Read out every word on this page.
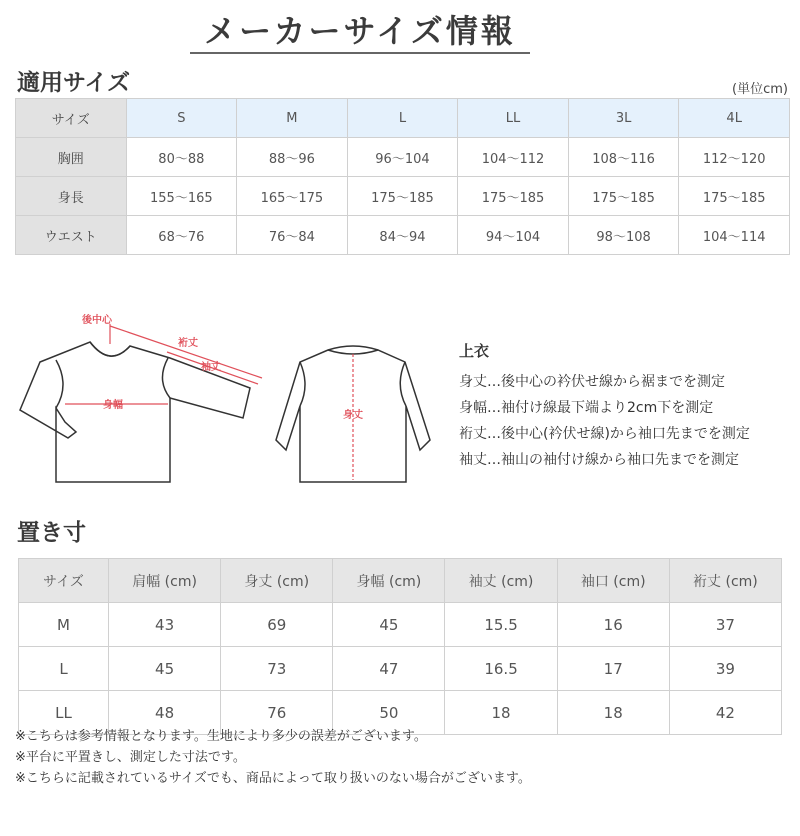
メーカーサイズ情報
適用サイズ	(単位cm)
サイズ	S	M	L	LL	3L	4L
胸囲	80〜88	88〜96	96〜104	104〜112	108〜116	112〜120
身長	155〜165	165〜175	175〜185	175〜185	175〜185	175〜185
ウエスト	68〜76	76〜84	84〜94	94〜104	98〜108	104〜114
後中心
裄丈
袖丈
身幅
身丈
上衣
身丈…後中心の衿伏せ線から裾までを測定
身幅…袖付け線最下端より2cm下を測定
裄丈…後中心(衿伏せ線)から袖口先までを測定
袖丈…袖山の袖付け線から袖口先までを測定
置き寸
サイズ	肩幅 (cm)	身丈 (cm)	身幅 (cm)	袖丈 (cm)	袖口 (cm)	裄丈 (cm)
M	43	69	45	15.5	16	37
L	45	73	47	16.5	17	39
LL	48	76	50	18	18	42
※こちらは参考情報となります。生地により多少の誤差がございます。
※平台に平置きし、測定した寸法です。
※こちらに記載されているサイズでも、商品によって取り扱いのない場合がございます。
